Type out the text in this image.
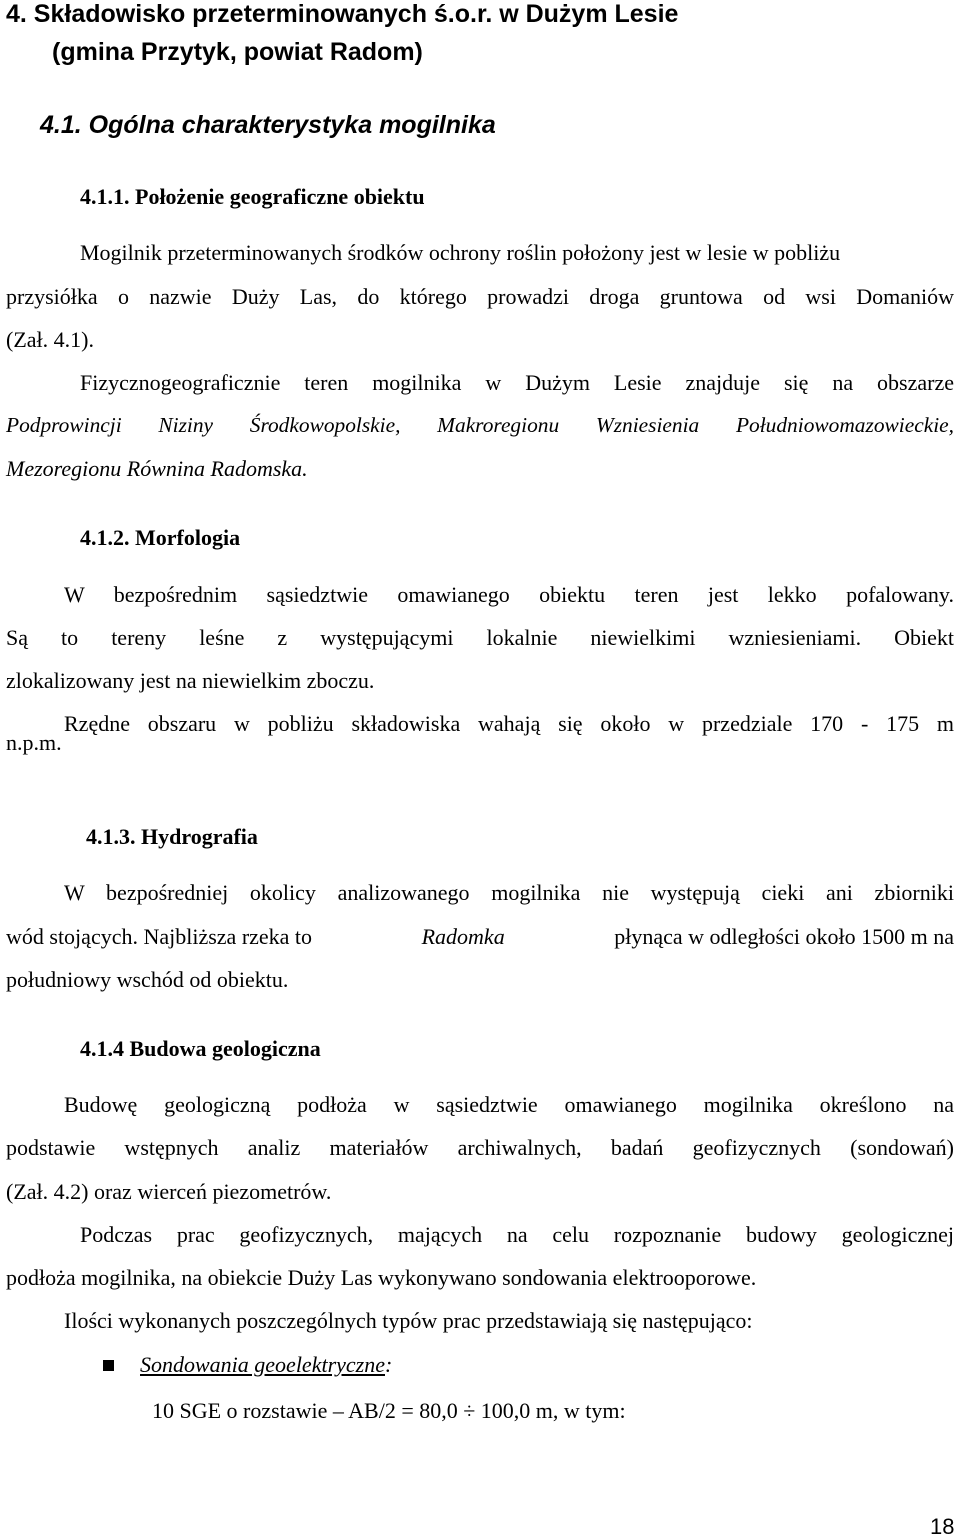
4. Składowisko przeterminowanych ś.o.r. w Dużym Lesie
(gmina Przytyk, powiat Radom)
4.1. Ogólna charakterystyka mogilnika
4.1.1. Położenie geograficzne obiektu
Mogilnik przeterminowanych środków ochrony roślin położony jest w lesie w pobliżu
przysiółka o nazwie Duży Las, do którego prowadzi droga gruntowa od wsi Domaniów
(Zał. 4.1).
Fizycznogeograficznie teren mogilnika w Dużym Lesie znajduje się na obszarze
Podprowincji Niziny Środkowopolskie, Makroregionu Wzniesienia Południowomazowieckie,
Mezoregionu Równina Radomska.
4.1.2. Morfologia
W bezpośrednim sąsiedztwie omawianego obiektu teren jest lekko pofalowany.
Są to tereny leśne z występującymi lokalnie niewielkimi wzniesieniami. Obiekt
zlokalizowany jest na niewielkim zboczu.
Rzędne obszaru w pobliżu składowiska wahają się około w przedziale 170 - 175 m
n.p.m.
4.1.3. Hydrografia
W bezpośredniej okolicy analizowanego mogilnika nie występują cieki ani zbiorniki
wód stojących. Najbliższa rzeka to	Radomka	płynąca w odległości około 1500 m na
południowy wschód od obiektu.
4.1.4 Budowa geologiczna
Budowę geologiczną podłoża w sąsiedztwie omawianego mogilnika określono na
podstawie wstępnych analiz materiałów archiwalnych, badań geofizycznych (sondowań)
(Zał. 4.2) oraz wierceń piezometrów.
Podczas prac geofizycznych, mających na celu rozpoznanie budowy geologicznej
podłoża mogilnika, na obiekcie Duży Las wykonywano sondowania elektrooporowe.
Ilości wykonanych poszczególnych typów prac przedstawiają się następująco:
Sondowania geoelektryczne:
10 SGE o rozstawie – AB/2 = 80,0 ÷ 100,0 m, w tym:
18
